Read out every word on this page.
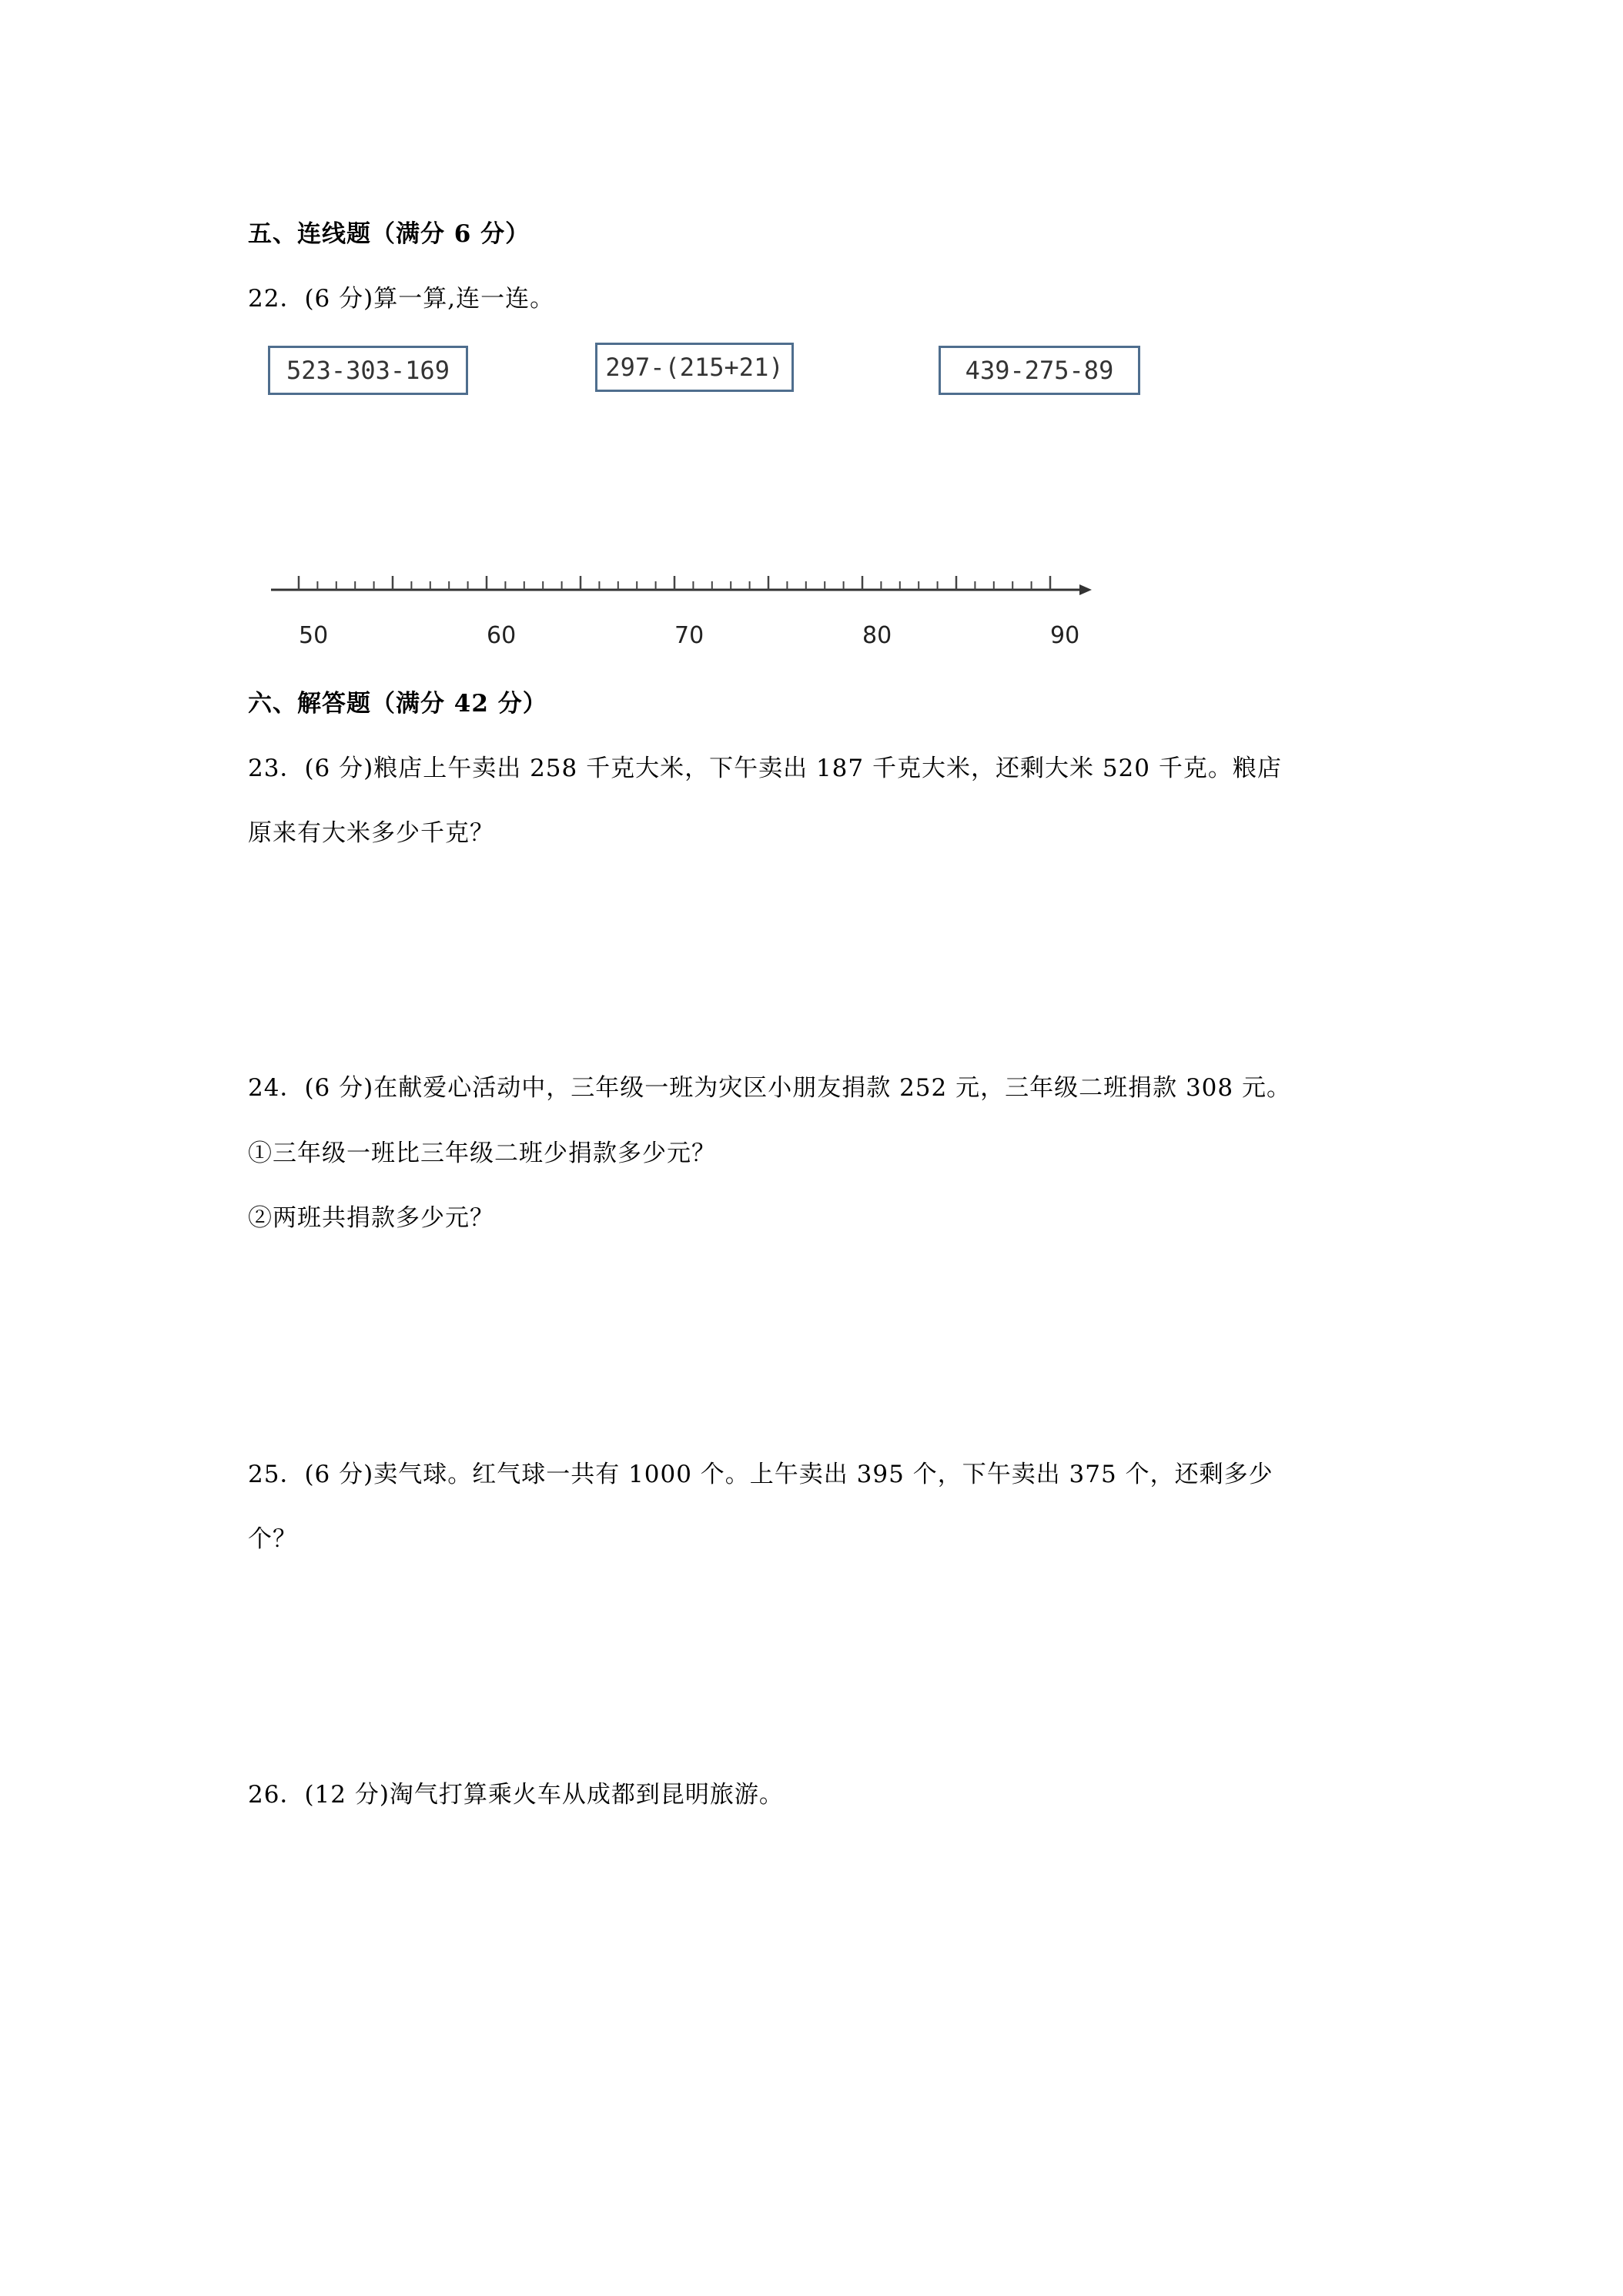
五、连线题（满分 6 分）
22．(6 分)算一算,连一连。
523-303-169	297-(215+21)	439-275-89
50	60	70	80	90
六、解答题（满分 42 分）
23．(6 分)粮店上午卖出 258 千克大米，下午卖出 187 千克大米，还剩大米 520 千克。粮店
原来有大米多少千克？
24．(6 分)在献爱心活动中，三年级一班为灾区小朋友捐款 252 元，三年级二班捐款 308 元。
①三年级一班比三年级二班少捐款多少元？
②两班共捐款多少元？
25．(6 分)卖气球。红气球一共有 1000 个。上午卖出 395 个，下午卖出 375 个，还剩多少
个？
26．(12 分)淘气打算乘火车从成都到昆明旅游。
